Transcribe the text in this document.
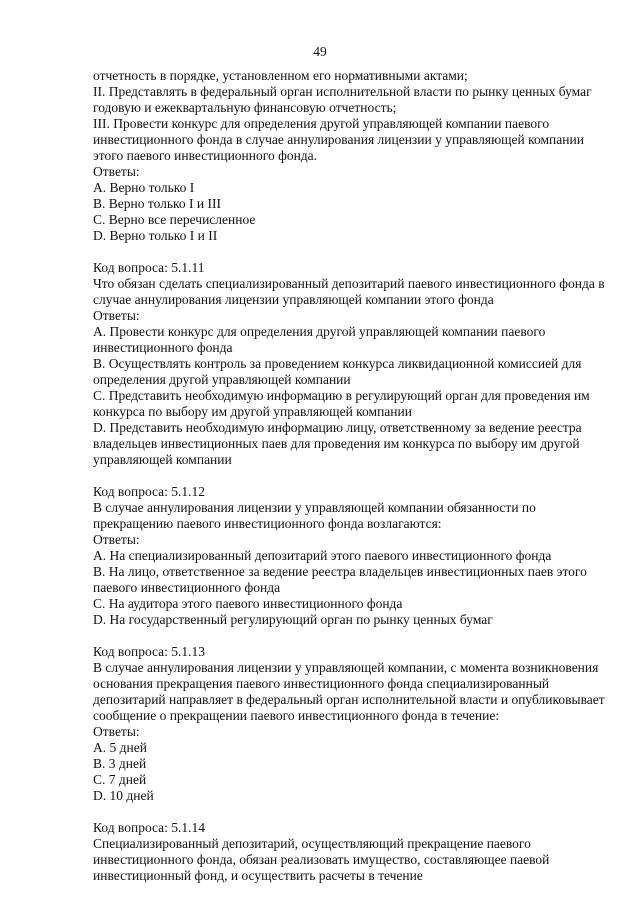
49
отчетность в порядке, установленном его нормативными актами;
II. Представлять в федеральный орган исполнительной власти по рынку ценных бумаг
годовую и ежеквартальную финансовую отчетность;
III. Провести конкурс для определения другой управляющей компании паевого
инвестиционного фонда в случае аннулирования лицензии у управляющей компании
этого паевого инвестиционного фонда.
Ответы:
A. Верно только I
B. Верно только I и III
C. Верно все перечисленное
D. Верно только I и II
Код вопроса: 5.1.11
Что обязан сделать специализированный депозитарий паевого инвестиционного фонда в
случае аннулирования лицензии управляющей компании этого фонда
Ответы:
A. Провести конкурс для определения другой управляющей компании паевого
инвестиционного фонда
B. Осуществлять контроль за проведением конкурса ликвидационной комиссией для
определения другой управляющей компании
C. Представить необходимую информацию в регулирующий орган для проведения им
конкурса по выбору им другой управляющей компании
D. Представить необходимую информацию лицу, ответственному за ведение реестра
владельцев инвестиционных паев для проведения им конкурса по выбору им другой
управляющей компании
Код вопроса: 5.1.12
В случае аннулирования лицензии у управляющей компании обязанности по
прекращению паевого инвестиционного фонда возлагаются:
Ответы:
A. На специализированный депозитарий этого паевого инвестиционного фонда
B. На лицо, ответственное за ведение реестра владельцев инвестиционных паев этого
паевого инвестиционного фонда
C. На аудитора этого паевого инвестиционного фонда
D. На государственный регулирующий орган по рынку ценных бумаг
Код вопроса: 5.1.13
В случае аннулирования лицензии у управляющей компании, с момента возникновения
основания прекращения паевого инвестиционного фонда специализированный
депозитарий направляет в федеральный орган исполнительной власти и опубликовывает
сообщение о прекращении паевого инвестиционного фонда в течение:
Ответы:
A. 5 дней
B. 3 дней
C. 7 дней
D. 10 дней
Код вопроса: 5.1.14
Специализированный депозитарий, осуществляющий прекращение паевого
инвестиционного фонда, обязан реализовать имущество, составляющее паевой
инвестиционный фонд, и осуществить расчеты в течение
